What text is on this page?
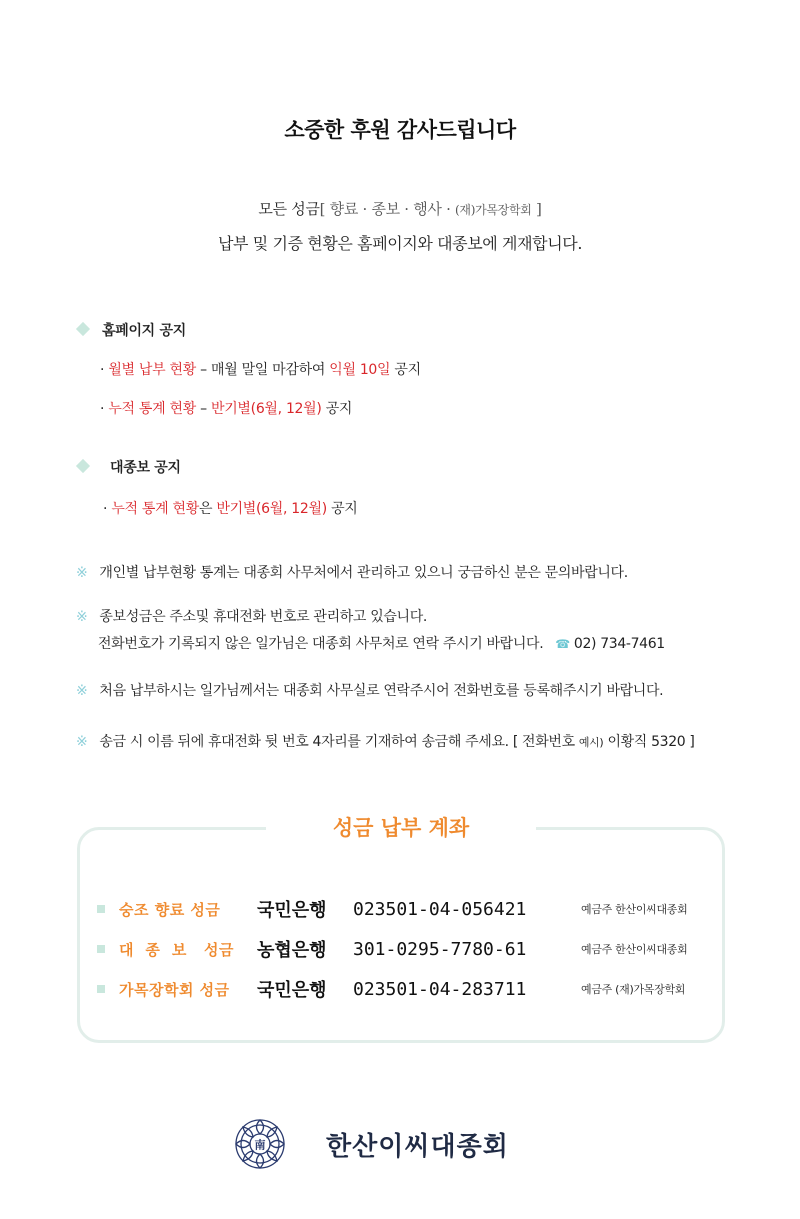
소중한 후원 감사드립니다
모든 성금[ 향료 · 종보 · 행사 · (재)가목장학회 ]
납부 및 기증 현황은 홈페이지와 대종보에 게재합니다.
홈페이지 공지
· 월별 납부 현황 – 매월 말일 마감하여 익월 10일 공지
· 누적 통계 현황 – 반기별(6월, 12월) 공지
대종보 공지
· 누적 통계 현황은 반기별(6월, 12월) 공지
※ 개인별 납부현황 통계는 대종회 사무처에서 관리하고 있으니 궁금하신 분은 문의바랍니다.
※ 종보성금은 주소및 휴대전화 번호로 관리하고 있습니다.
전화번호가 기록되지 않은 일가님은 대종회 사무처로 연락 주시기 바랍니다. ☎ 02) 734-7461
※ 처음 납부하시는 일가님께서는 대종회 사무실로 연락주시어 전화번호를 등록해주시기 바랍니다.
※ 송금 시 이름 뒤에 휴대전화 뒷 번호 4자리를 기재하여 송금해 주세요. [ 전화번호 예시) 이황직 5320 ]
성금 납부 계좌
숭조 향료 성금	국민은행	023501-04-056421	예금주 한산이씨대종회
대  종  보   성금	농협은행	301-0295-7780-61	예금주 한산이씨대종회
가목장학회 성금	국민은행	023501-04-283711	예금주 (재)가목장학회
南 한산이씨대종회
